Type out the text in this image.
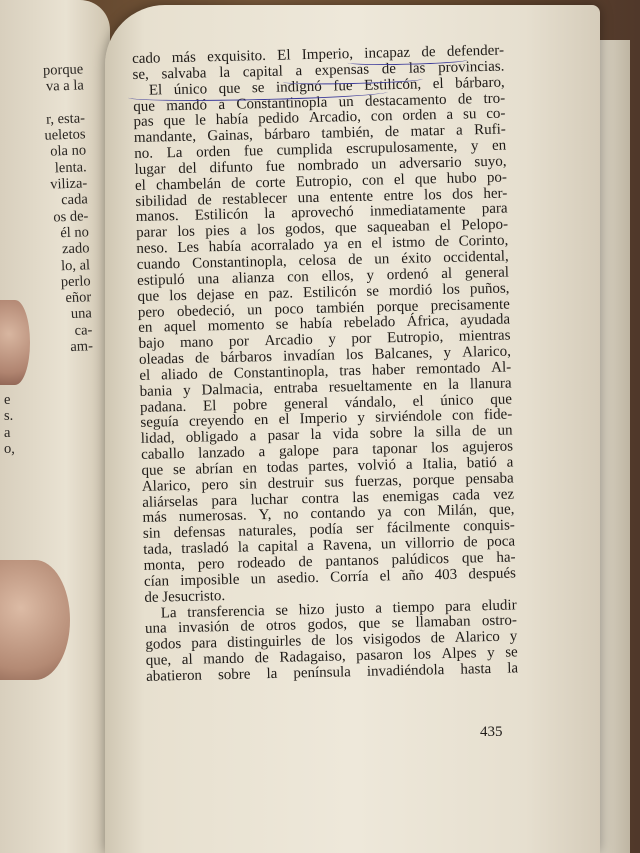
porque
va a la

r, esta-
ueletos
ola no
lenta.
viliza-
cada
os de-
él no
zado
lo, al
perlo
eñor
una
ca-
am-
cado más exquisito. El Imperio, incapaz de defender-
se, salvaba la capital a expensas de las provincias.
El único que se indignó fue Estilicón, el bárbaro,
que mandó a Constantinopla un destacamento de tro-
pas que le había pedido Arcadio, con orden a su co-
mandante, Gainas, bárbaro también, de matar a Rufi-
no. La orden fue cumplida escrupulosamente, y en
lugar del difunto fue nombrado un adversario suyo,
el chambelán de corte Eutropio, con el que hubo po-
sibilidad de restablecer una entente entre los dos her-
manos. Estilicón la aprovechó inmediatamente para
parar los pies a los godos, que saqueaban el Pelopo-
neso. Les había acorralado ya en el istmo de Corinto,
cuando Constantinopla, celosa de un éxito occidental,
estipuló una alianza con ellos, y ordenó al general
que los dejase en paz. Estilicón se mordió los puños,
pero obedeció, un poco también porque precisamente
en aquel momento se había rebelado África, ayudada
bajo mano por Arcadio y por Eutropio, mientras
oleadas de bárbaros invadían los Balcanes, y Alarico,
el aliado de Constantinopla, tras haber remontado Al-
bania y Dalmacia, entraba resueltamente en la llanura
padana. El pobre general vándalo, el único que
seguía creyendo en el Imperio y sirviéndole con fide-
lidad, obligado a pasar la vida sobre la silla de un
caballo lanzado a galope para taponar los agujeros
que se abrían en todas partes, volvió a Italia, batió a
Alarico, pero sin destruir sus fuerzas, porque pensaba
aliárselas para luchar contra las enemigas cada vez
más numerosas. Y, no contando ya con Milán, que,
sin defensas naturales, podía ser fácilmente conquis-
tada, trasladó la capital a Ravena, un villorrio de poca
monta, pero rodeado de pantanos palúdicos que ha-
cían imposible un asedio. Corría el año 403 después
de Jesucristo.
La transferencia se hizo justo a tiempo para eludir
una invasión de otros godos, que se llamaban ostro-
godos para distinguirles de los visigodos de Alarico y
que, al mando de Radagaiso, pasaron los Alpes y se
abatieron sobre la península invadiéndola hasta la
435
e
s.
a
o,
